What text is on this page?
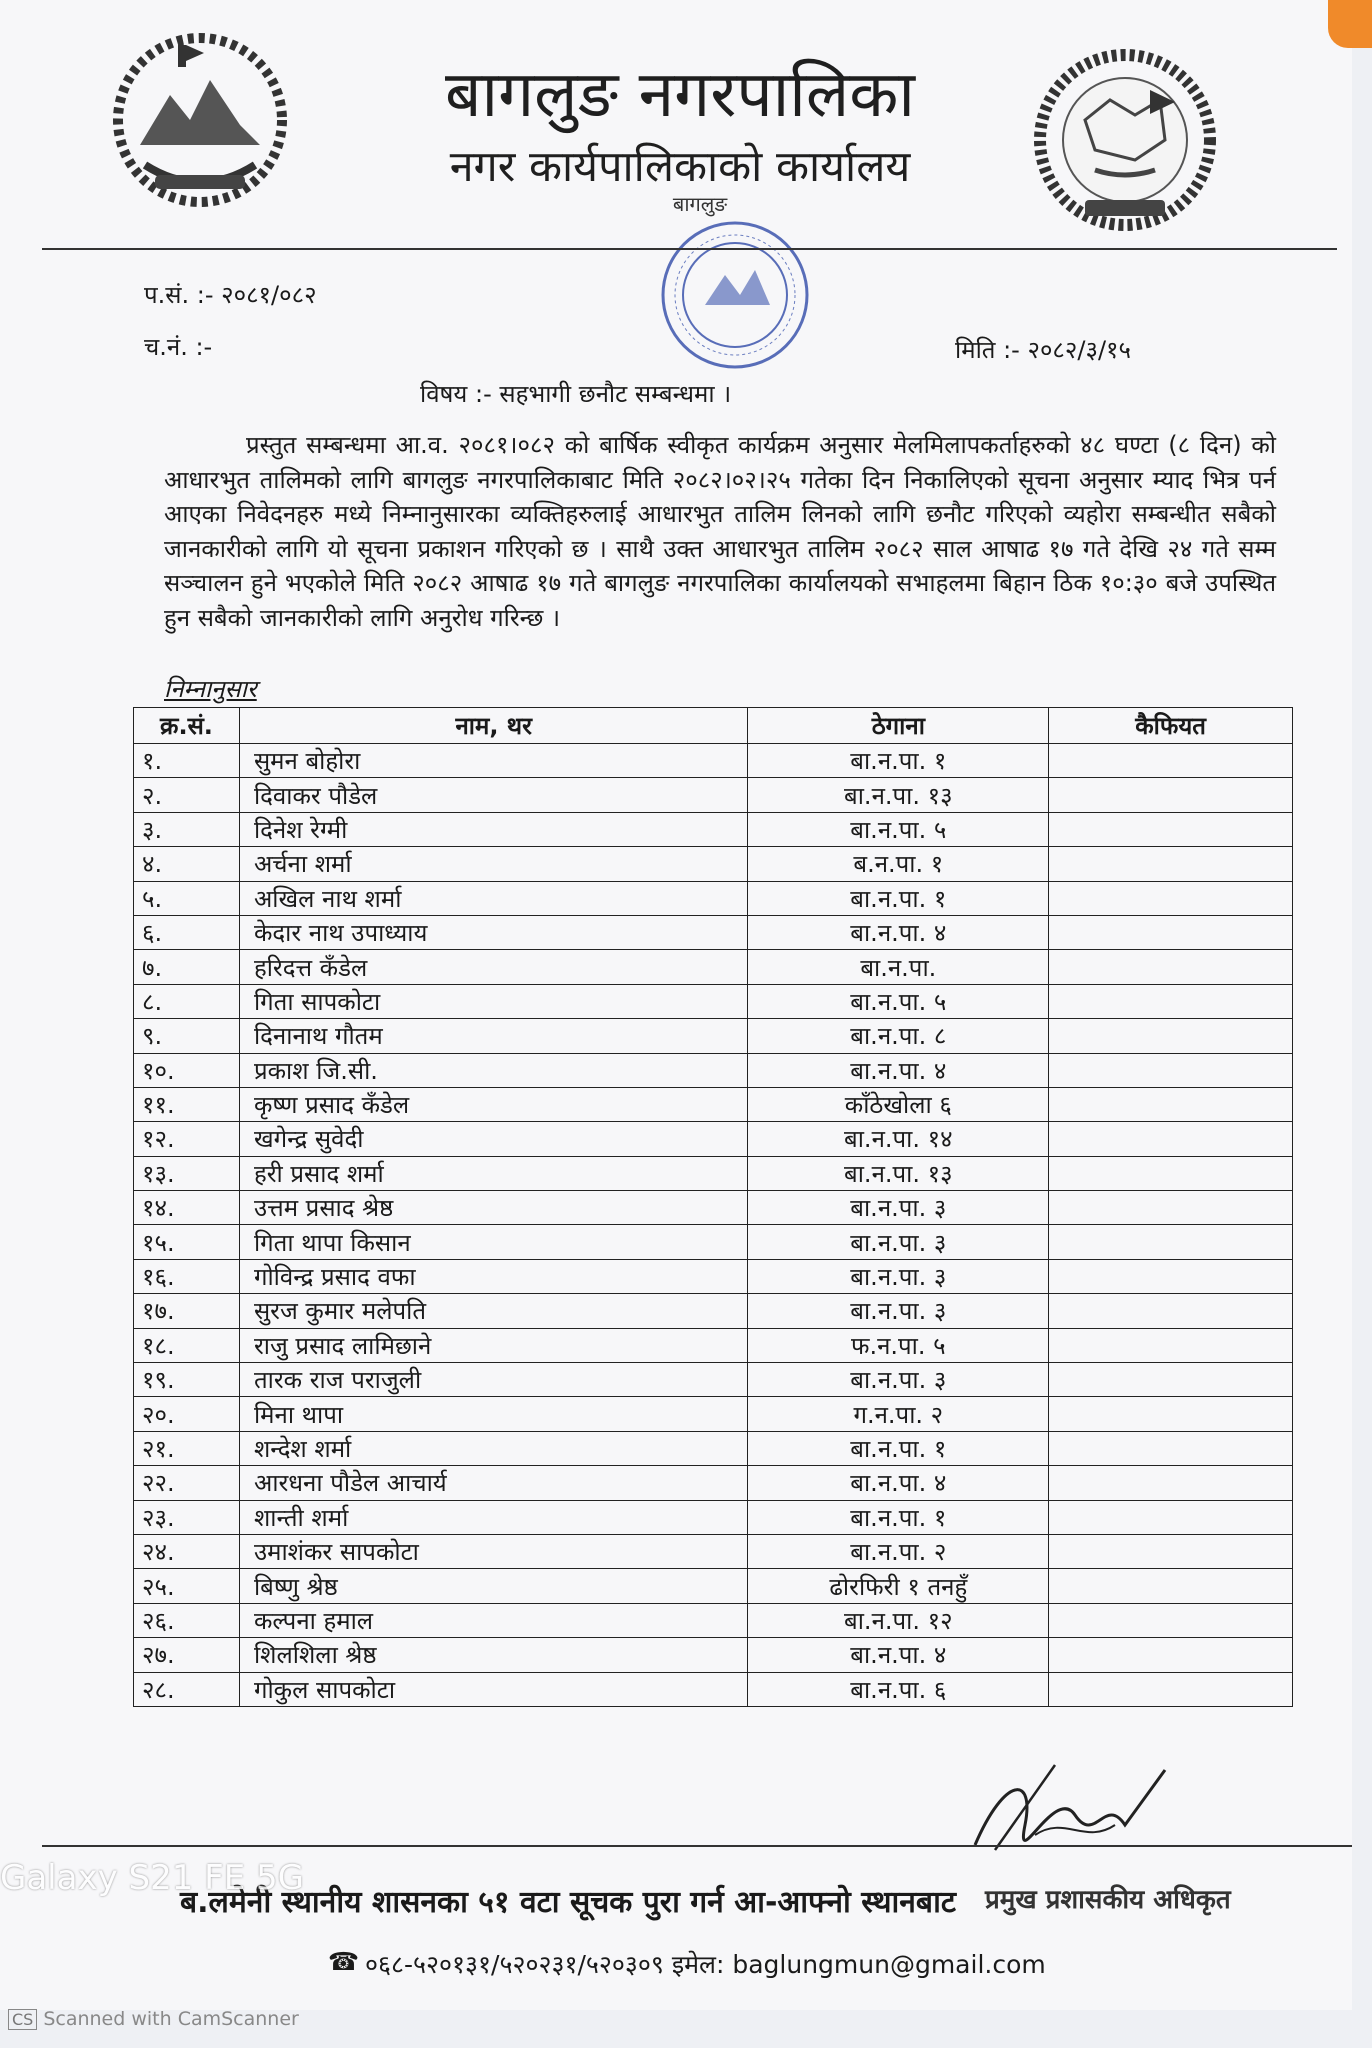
बागलुङ नगरपालिका
नगर कार्यपालिकाको कार्यालय
बागलुङ
प.सं. :- २०८१/०८२
च.नं. :-	मिति :- २०८२/३/१५
विषय :- सहभागी छनौट सम्बन्धमा ।
प्रस्तुत सम्बन्धमा आ.व. २०८१।०८२ को बार्षिक स्वीकृत कार्यक्रम अनुसार मेलमिलापकर्ताहरुको ४८ घण्टा (८ दिन) को आधारभुत तालिमको लागि बागलुङ नगरपालिकाबाट मिति २०८२।०२।२५ गतेका दिन निकालिएको सूचना अनुसार म्याद भित्र पर्न आएका निवेदनहरु मध्ये निम्नानुसारका व्यक्तिहरुलाई आधारभुत तालिम लिनको लागि छनौट गरिएको व्यहोरा सम्बन्धीत सबैको जानकारीको लागि यो सूचना प्रकाशन गरिएको छ । साथै उक्त आधारभुत तालिम २०८२ साल आषाढ १७ गते देखि २४ गते सम्म सञ्चालन हुने भएकोले मिति २०८२ आषाढ १७ गते बागलुङ नगरपालिका कार्यालयको सभाहलमा बिहान ठिक १०:३० बजे उपस्थित हुन सबैको जानकारीको लागि अनुरोध गरिन्छ ।
निम्नानुसार
क्र.सं.	नाम, थर	ठेगाना	कैफियत
१.	सुमन बोहोरा	बा.न.पा. १	
२.	दिवाकर पौडेल	बा.न.पा. १३	
३.	दिनेश रेग्मी	बा.न.पा. ५	
४.	अर्चना शर्मा	ब.न.पा. १	
५.	अखिल नाथ शर्मा	बा.न.पा. १	
६.	केदार नाथ उपाध्याय	बा.न.पा. ४	
७.	हरिदत्त कँडेल	बा.न.पा.	
८.	गिता सापकोटा	बा.न.पा. ५	
९.	दिनानाथ गौतम	बा.न.पा. ८	
१०.	प्रकाश जि.सी.	बा.न.पा. ४	
११.	कृष्ण प्रसाद कँडेल	काँठेखोला ६	
१२.	खगेन्द्र सुवेदी	बा.न.पा. १४	
१३.	हरी प्रसाद शर्मा	बा.न.पा. १३	
१४.	उत्तम प्रसाद श्रेष्ठ	बा.न.पा. ३	
१५.	गिता थापा किसान	बा.न.पा. ३	
१६.	गोविन्द्र प्रसाद वफा	बा.न.पा. ३	
१७.	सुरज कुमार मलेपति	बा.न.पा. ३	
१८.	राजु प्रसाद लामिछाने	फ.न.पा. ५	
१९.	तारक राज पराजुली	बा.न.पा. ३	
२०.	मिना थापा	ग.न.पा. २	
२१.	शन्देश शर्मा	बा.न.पा. १	
२२.	आरधना पौडेल आचार्य	बा.न.पा. ४	
२३.	शान्ती शर्मा	बा.न.पा. १	
२४.	उमाशंकर सापकोटा	बा.न.पा. २	
२५.	बिष्णु श्रेष्ठ	ढोरफिरी १ तनहुँ	
२६.	कल्पना हमाल	बा.न.पा. १२	
२७.	शिलशिला श्रेष्ठ	बा.न.पा. ४	
२८.	गोकुल सापकोटा	बा.न.पा. ६	
ब.लमेनी स्थानीय शासनका ५१ वटा सूचक पुरा गर्न आ-आफ्नो स्थानबाट प्रमुख प्रशासकीय अधिकृत
☎ ०६८-५२०१३१/५२०२३१/५२०३०९ इमेल: baglungmun@gmail.com
Galaxy S21 FE 5G
CS Scanned with CamScanner
